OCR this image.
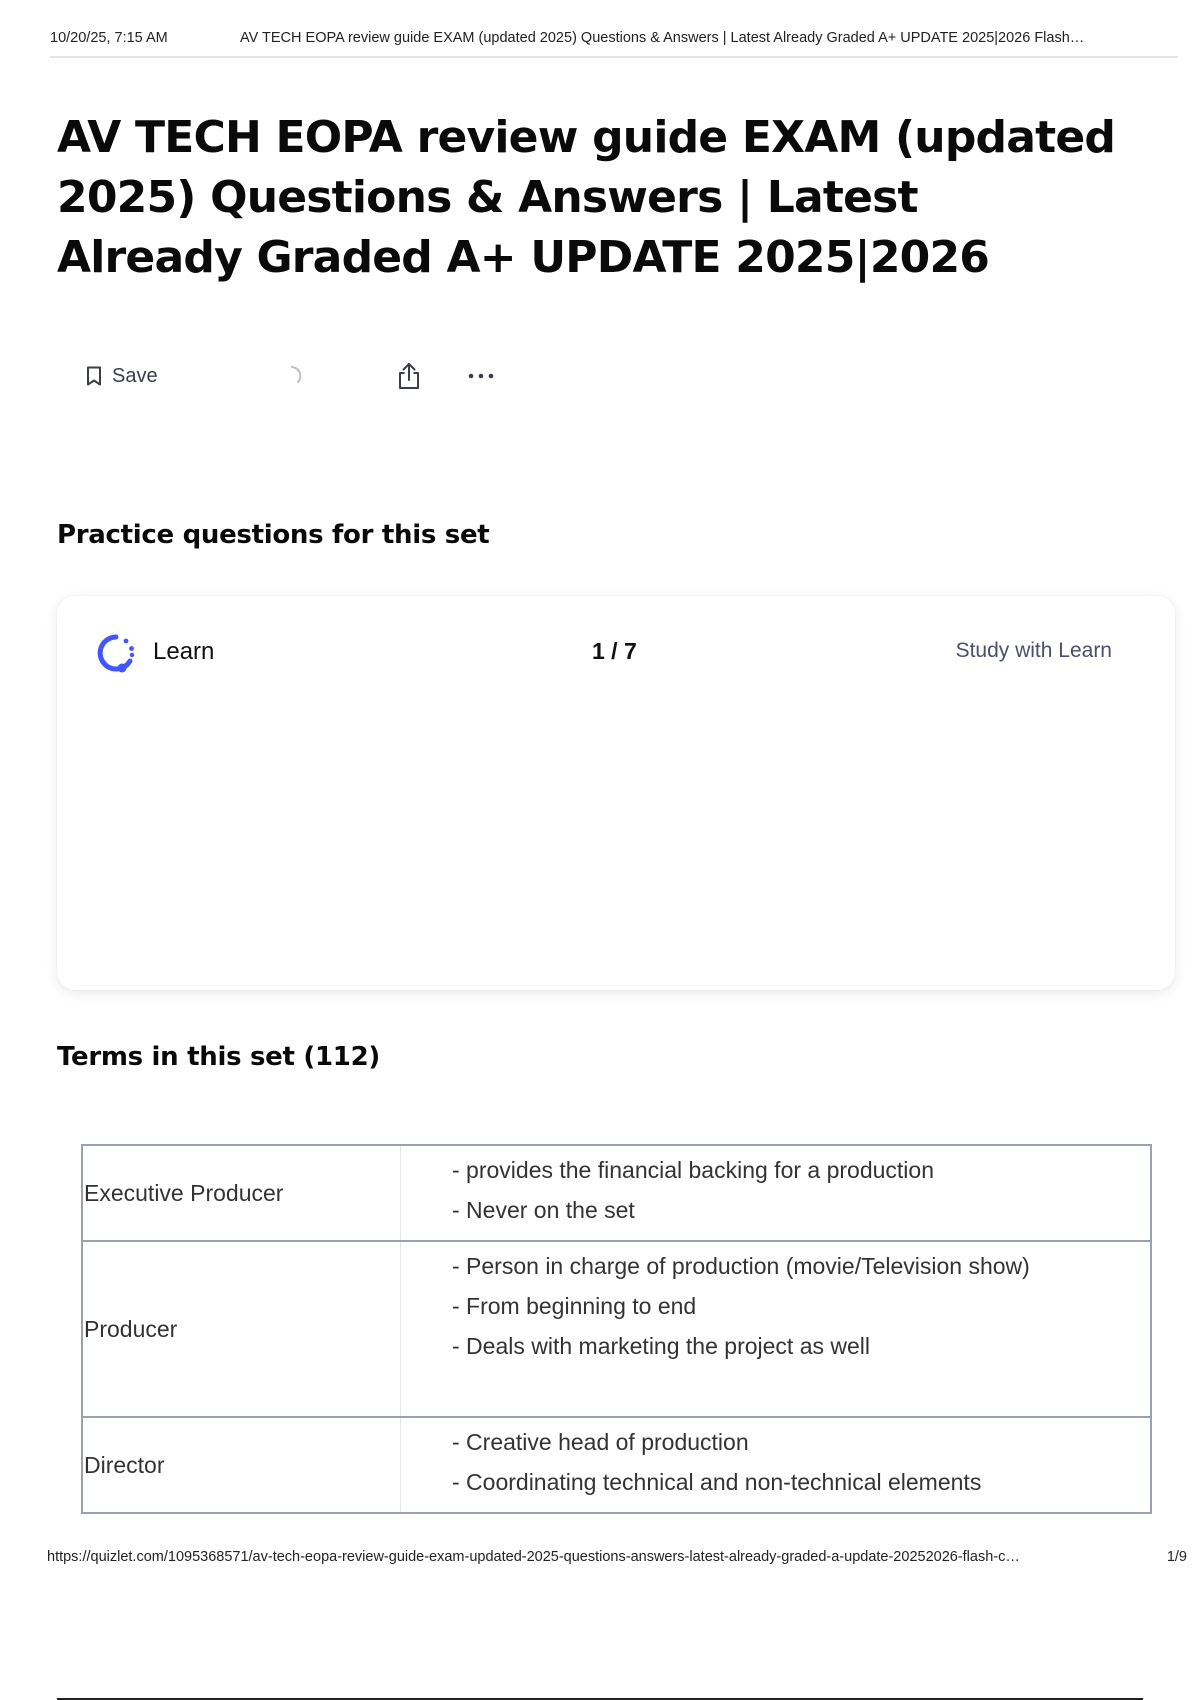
10/20/25, 7:15 AM	AV TECH EOPA review guide EXAM (updated 2025) Questions & Answers | Latest Already Graded A+ UPDATE 2025|2026 Flash…
AV TECH EOPA review guide EXAM (updated 2025) Questions & Answers | Latest Already Graded A+ UPDATE 2025|2026
Save
Practice questions for this set
Learn	1 / 7	Study with Learn
Terms in this set (112)
Executive Producer
- provides the financial backing for a production
- Never on the set
Producer
- Person in charge of production (movie/Television show)
- From beginning to end
- Deals with marketing the project as well
Director
- Creative head of production
- Coordinating technical and non-technical elements
https://quizlet.com/1095368571/av-tech-eopa-review-guide-exam-updated-2025-questions-answers-latest-already-graded-a-update-20252026-flash-c…	1/9
